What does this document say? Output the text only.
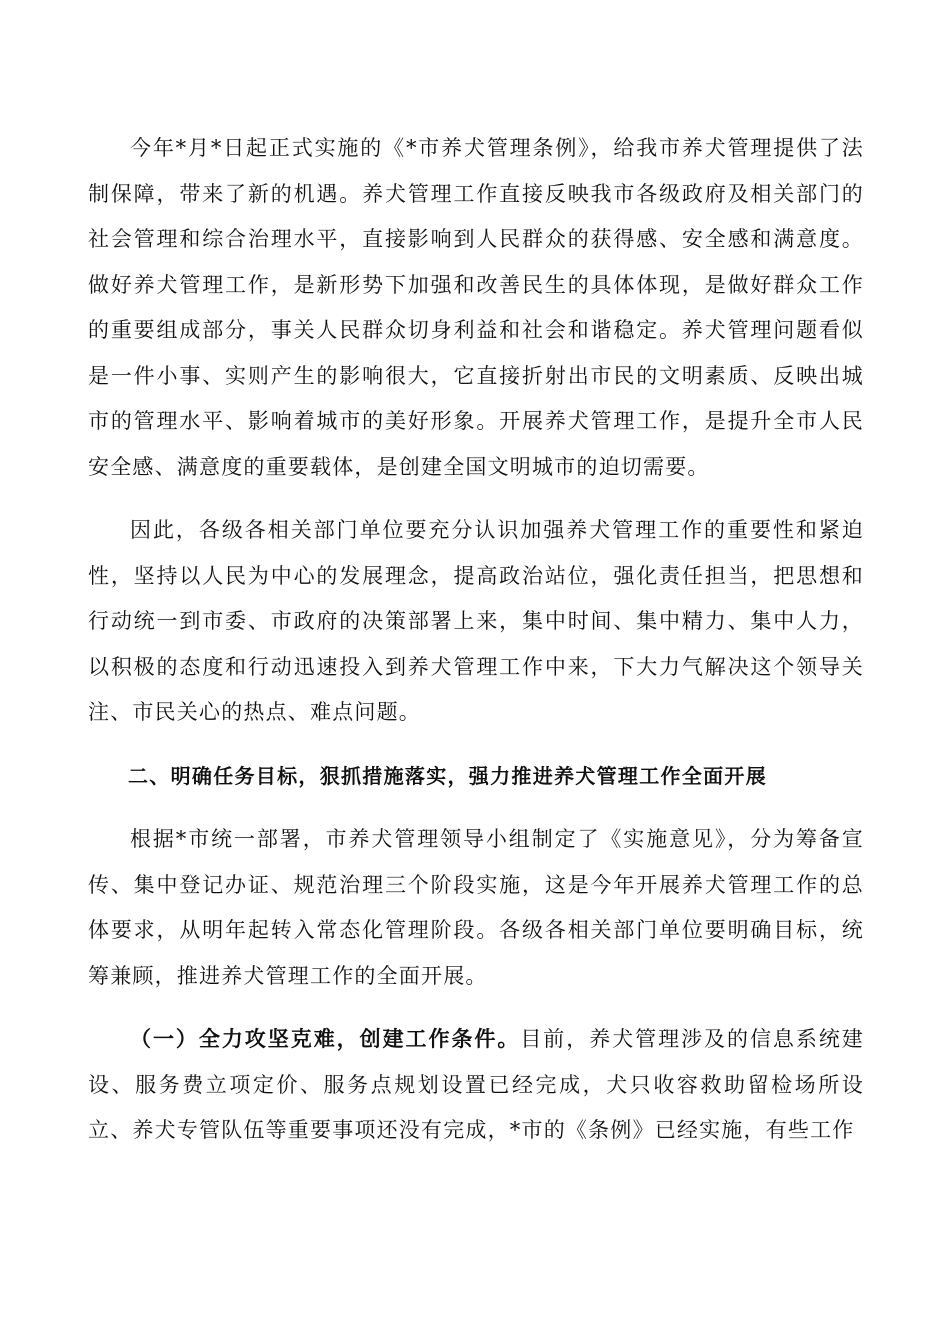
今年*月*日起正式实施的《*市养犬管理条例》，给我市养犬管理提供了法制保障，带来了新的机遇。养犬管理工作直接反映我市各级政府及相关部门的社会管理和综合治理水平，直接影响到人民群众的获得感、安全感和满意度。做好养犬管理工作，是新形势下加强和改善民生的具体体现，是做好群众工作的重要组成部分，事关人民群众切身利益和社会和谐稳定。养犬管理问题看似是一件小事、实则产生的影响很大，它直接折射出市民的文明素质、反映出城市的管理水平、影响着城市的美好形象。开展养犬管理工作，是提升全市人民安全感、满意度的重要载体，是创建全国文明城市的迫切需要。

因此，各级各相关部门单位要充分认识加强养犬管理工作的重要性和紧迫性，坚持以人民为中心的发展理念，提高政治站位，强化责任担当，把思想和行动统一到市委、市政府的决策部署上来，集中时间、集中精力、集中人力，以积极的态度和行动迅速投入到养犬管理工作中来，下大力气解决这个领导关注、市民关心的热点、难点问题。

二、明确任务目标，狠抓措施落实，强力推进养犬管理工作全面开展

根据*市统一部署，市养犬管理领导小组制定了《实施意见》，分为筹备宣传、集中登记办证、规范治理三个阶段实施，这是今年开展养犬管理工作的总体要求，从明年起转入常态化管理阶段。各级各相关部门单位要明确目标，统筹兼顾，推进养犬管理工作的全面开展。

（一）全力攻坚克难，创建工作条件。目前，养犬管理涉及的信息系统建设、服务费立项定价、服务点规划设置已经完成，犬只收容救助留检场所设立、养犬专管队伍等重要事项还没有完成，*市的《条例》已经实施，有些工作
